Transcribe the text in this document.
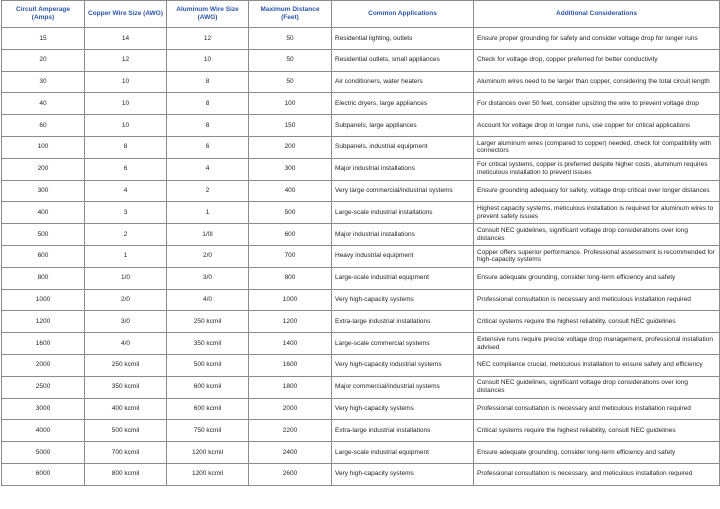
Circuit Amperage (Amps)	Copper Wire Size (AWG)	Aluminum Wire Size (AWG)	Maximum Distance (Feet)	Common Applications	Additional Considerations
15	14	12	50	Residential lighting, outlets	Ensure proper grounding for safety and consider voltage drop for longer runs
20	12	10	50	Residential outlets, small appliances	Check for voltage drop, copper preferred for better conductivity
30	10	8	50	Air conditioners, water heaters	Aluminum wires need to be larger than copper, considering the total circuit length
40	10	8	100	Electric dryers, large appliances	For distances over 50 feet, consider upsizing the wire to prevent voltage drop
60	10	8	150	Subpanels, large appliances	Account for voltage drop in longer runs, use copper for critical applications
100	8	6	200	Subpanels, industrial equipment	Larger aluminum wires (compared to copper) needed, check for compatibility with connectors
200	6	4	300	Major industrial installations	For critical systems, copper is preferred despite higher costs, aluminum requires meticulous installation to prevent issues
300	4	2	400	Very large commercial/industrial systems	Ensure grounding adequacy for safety, voltage drop critical over longer distances
400	3	1	500	Large-scale industrial installations	Highest capacity systems, meticulous installation is required for aluminum wires to prevent safety issues
500	2	1/0l	600	Major industrial installations	Consult NEC guidelines, significant voltage drop considerations over long distances
600	1	2/0	700	Heavy industrial equipment	Copper offers superior performance. Professional assessment is recommended for high-capacity systems
800	1/0	3/0	800	Large-scale industrial equipment	Ensure adequate grounding, consider long-term efficiency and safety
1000	2/0	4/0	1000	Very high-capacity systems	Professional consultation is necessary and meticulous installation required
1200	3/0	250 kcmil	1200	Extra-large industrial installations	Critical systems require the highest reliability, consult NEC guidelines
1600	4/0	350 kcmil	1400	Large-scale commercial systems	Extensive runs require precise voltage drop management, professional installation advised
2000	250 kcmil	500 kcmil	1600	Very high-capacity industrial systems	NEC compliance crucial, meticulous installation to ensure safety and efficiency
2500	350 kcmil	600 kcmil	1800	Major commercial/industrial systems	Consult NEC guidelines, significant voltage drop considerations over long distances
3000	400 kcmil	600 kcmil	2000	Very high-capacity systems	Professional consultation is necessary and meticulous installation required
4000	500 kcmil	750 kcmil	2200	Extra-large industrial installations	Critical systems require the highest reliability, consult NEC guidelines
5000	700 kcmil	1200 kcmil	2400	Large-scale industrial equipment	Ensure adequate grounding, consider long-term efficiency and safety
6000	800 kcmil	1200 kcmil	2600	Very high-capacity systems	Professional consultation is necessary, and meticulous installation required
